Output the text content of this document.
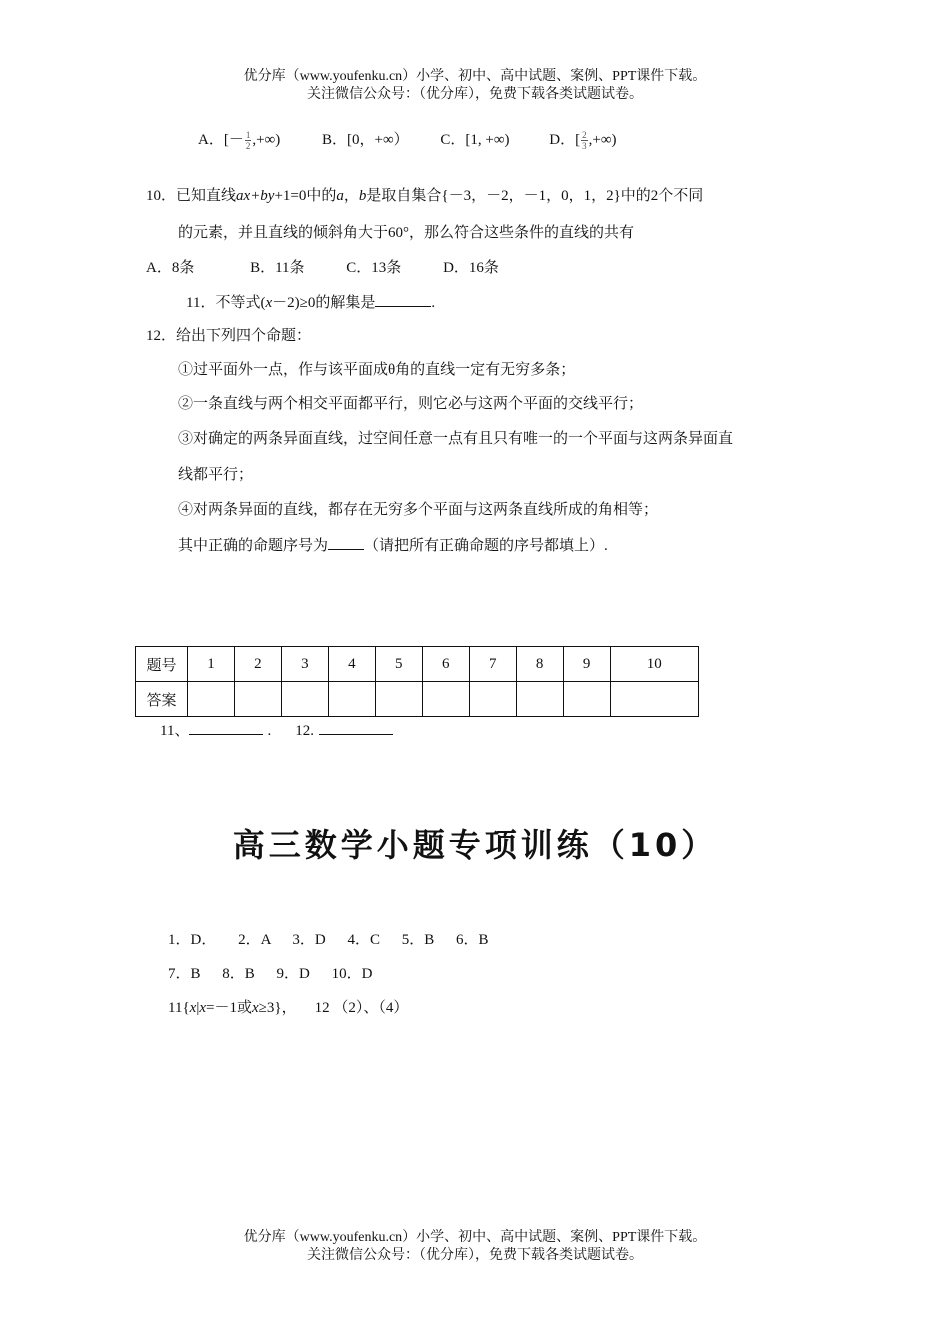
优分库（www.youfenku.cn）小学、初中、高中试题、案例、PPT课件下载。
关注微信公众号：（优分库），免费下载各类试题试卷。
A．[－ $\frac{1}{2}$ ,+∞)	B．[0，+∞） C．[1, +∞)	D．[ $\frac{2}{3}$ ,+∞)
10．已知直线ax+by+1=0中的a，b是取自集合{－3，－2，－1，0，1，2}中的2个不同
的元素，并且直线的倾斜角大于60°，那么符合这些条件的直线的共有
A．8条	B．11条	C．13条	D．16条
11．不等式(x－2)≥0的解集是	.
12．给出下列四个命题：
①过平面外一点，作与该平面成θ角的直线一定有无穷多条；
②一条直线与两个相交平面都平行，则它必与这两个平面的交线平行；
③对确定的两条异面直线，过空间任意一点有且只有唯一的一个平面与这两条异面直
线都平行；
④对两条异面的直线，都存在无穷多个平面与这两条直线所成的角相等；
其中正确的命题序号为 （请把所有正确命题的序号都填上）.
题号	1	2	3	4	5	6	7	8	9	10
答案										
11、	. 12.
高三数学小题专项训练（10）
1．D． 2．A 3．D 4．C 5．B 6．B
7．B 8．B 9．D 10．D
11{x|x=－1或x≥3}， 12 （2）、（4）
优分库（www.youfenku.cn）小学、初中、高中试题、案例、PPT课件下载。
关注微信公众号：（优分库），免费下载各类试题试卷。
